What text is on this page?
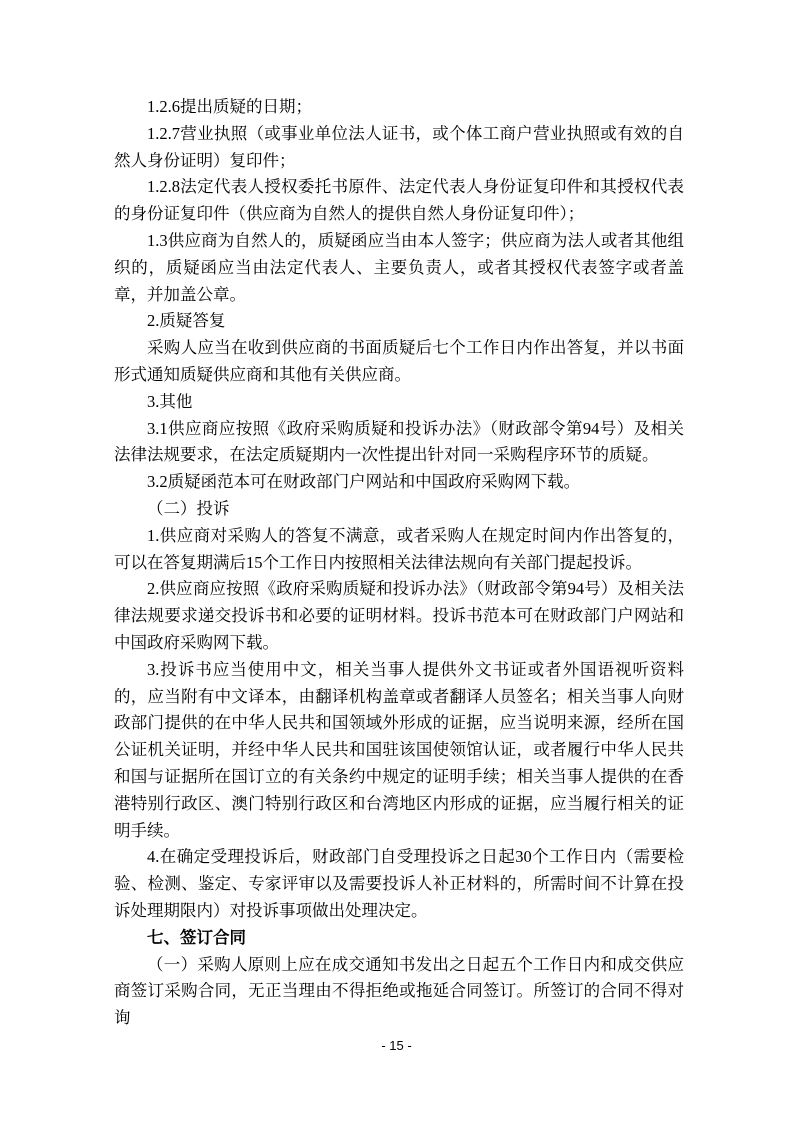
1.2.6提出质疑的日期；

1.2.7营业执照（或事业单位法人证书，或个体工商户营业执照或有效的自然人身份证明）复印件；

1.2.8法定代表人授权委托书原件、法定代表人身份证复印件和其授权代表的身份证复印件（供应商为自然人的提供自然人身份证复印件）；

1.3供应商为自然人的，质疑函应当由本人签字；供应商为法人或者其他组织的，质疑函应当由法定代表人、主要负责人，或者其授权代表签字或者盖章，并加盖公章。

2.质疑答复

采购人应当在收到供应商的书面质疑后七个工作日内作出答复，并以书面形式通知质疑供应商和其他有关供应商。

3.其他

3.1供应商应按照《政府采购质疑和投诉办法》（财政部令第94号）及相关法律法规要求，在法定质疑期内一次性提出针对同一采购程序环节的质疑。

3.2质疑函范本可在财政部门户网站和中国政府采购网下载。

（二）投诉

1.供应商对采购人的答复不满意，或者采购人在规定时间内作出答复的，可以在答复期满后15个工作日内按照相关法律法规向有关部门提起投诉。

2.供应商应按照《政府采购质疑和投诉办法》（财政部令第94号）及相关法律法规要求递交投诉书和必要的证明材料。投诉书范本可在财政部门户网站和中国政府采购网下载。

3.投诉书应当使用中文，相关当事人提供外文书证或者外国语视听资料的，应当附有中文译本，由翻译机构盖章或者翻译人员签名；相关当事人向财政部门提供的在中华人民共和国领域外形成的证据，应当说明来源，经所在国公证机关证明，并经中华人民共和国驻该国使领馆认证，或者履行中华人民共和国与证据所在国订立的有关条约中规定的证明手续；相关当事人提供的在香港特别行政区、澳门特别行政区和台湾地区内形成的证据，应当履行相关的证明手续。

4.在确定受理投诉后，财政部门自受理投诉之日起30个工作日内（需要检验、检测、鉴定、专家评审以及需要投诉人补正材料的，所需时间不计算在投诉处理期限内）对投诉事项做出处理决定。

七、签订合同

（一）采购人原则上应在成交通知书发出之日起五个工作日内和成交供应商签订采购合同，无正当理由不得拒绝或拖延合同签订。所签订的合同不得对询

- 15 -
